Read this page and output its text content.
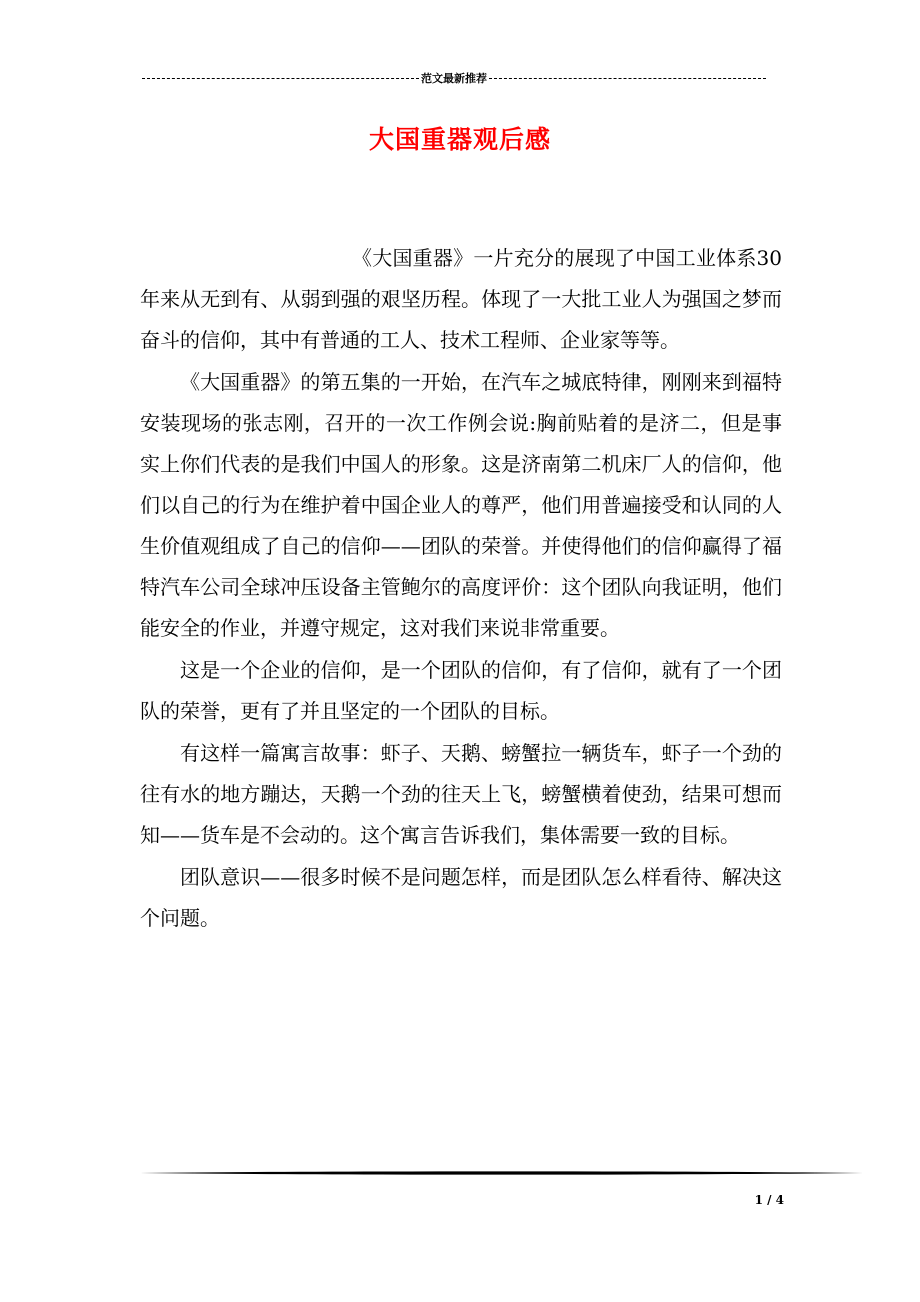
范文最新推荐
大国重器观后感

《大国重器》一片充分的展现了中国工业体系30年来从无到有、从弱到强的艰坚历程。体现了一大批工业人为强国之梦而奋斗的信仰，其中有普通的工人、技术工程师、企业家等等。

《大国重器》的第五集的一开始，在汽车之城底特律，刚刚来到福特安装现场的张志刚，召开的一次工作例会说:胸前贴着的是济二，但是事实上你们代表的是我们中国人的形象。这是济南第二机床厂人的信仰，他们以自己的行为在维护着中国企业人的尊严，他们用普遍接受和认同的人生价值观组成了自己的信仰——团队的荣誉。并使得他们的信仰赢得了福特汽车公司全球冲压设备主管鲍尔的高度评价：这个团队向我证明，他们能安全的作业，并遵守规定，这对我们来说非常重要。

这是一个企业的信仰，是一个团队的信仰，有了信仰，就有了一个团队的荣誉，更有了并且坚定的一个团队的目标。

有这样一篇寓言故事：虾子、天鹅、螃蟹拉一辆货车，虾子一个劲的往有水的地方蹦达，天鹅一个劲的往天上飞，螃蟹横着使劲，结果可想而知——货车是不会动的。这个寓言告诉我们，集体需要一致的目标。

团队意识——很多时候不是问题怎样，而是团队怎么样看待、解决这个问题。

1 / 4
